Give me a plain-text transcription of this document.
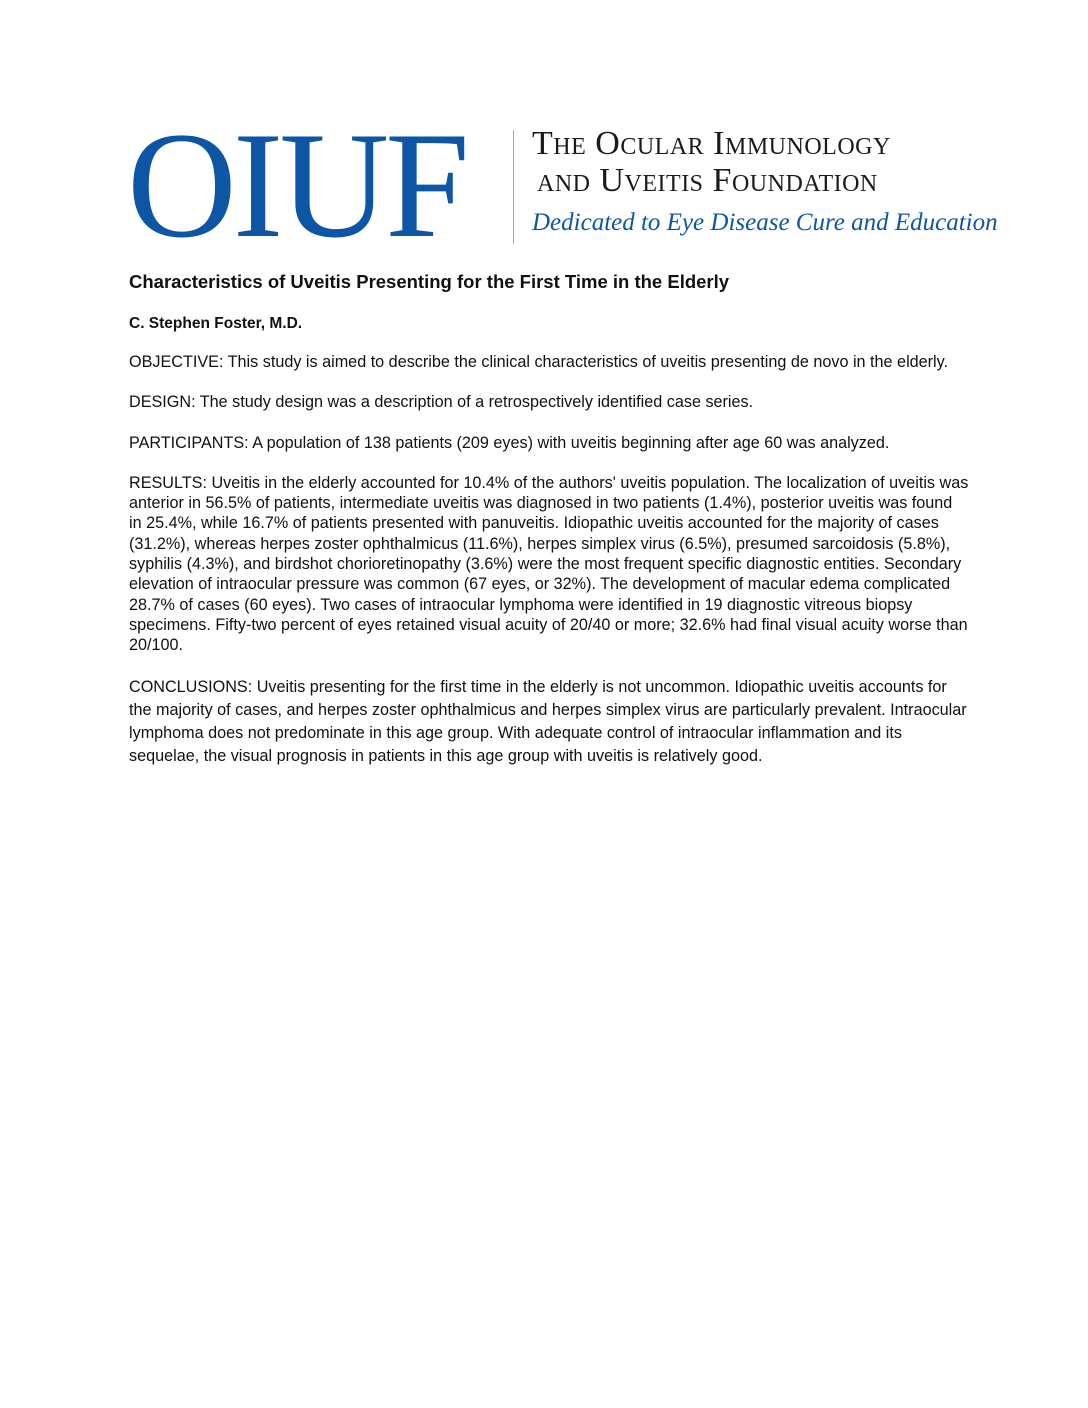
OIUF The Ocular Immunology
and Uveitis Foundation
Dedicated to Eye Disease Cure and Education
Characteristics of Uveitis Presenting for the First Time in the Elderly
C. Stephen Foster, M.D.
OBJECTIVE: This study is aimed to describe the clinical characteristics of uveitis presenting de novo in the elderly.
DESIGN: The study design was a description of a retrospectively identified case series.
PARTICIPANTS: A population of 138 patients (209 eyes) with uveitis beginning after age 60 was analyzed.
RESULTS: Uveitis in the elderly accounted for 10.4% of the authors' uveitis population. The localization of uveitis was anterior in 56.5% of patients, intermediate uveitis was diagnosed in two patients (1.4%), posterior uveitis was found in 25.4%, while 16.7% of patients presented with panuveitis. Idiopathic uveitis accounted for the majority of cases (31.2%), whereas herpes zoster ophthalmicus (11.6%), herpes simplex virus (6.5%), presumed sarcoidosis (5.8%), syphilis (4.3%), and birdshot chorioretinopathy (3.6%) were the most frequent specific diagnostic entities. Secondary elevation of intraocular pressure was common (67 eyes, or 32%). The development of macular edema complicated 28.7% of cases (60 eyes). Two cases of intraocular lymphoma were identified in 19 diagnostic vitreous biopsy specimens. Fifty-two percent of eyes retained visual acuity of 20/40 or more; 32.6% had final visual acuity worse than 20/100.
CONCLUSIONS: Uveitis presenting for the first time in the elderly is not uncommon. Idiopathic uveitis accounts for the majority of cases, and herpes zoster ophthalmicus and herpes simplex virus are particularly prevalent. Intraocular lymphoma does not predominate in this age group. With adequate control of intraocular inflammation and its sequelae, the visual prognosis in patients in this age group with uveitis is relatively good.
